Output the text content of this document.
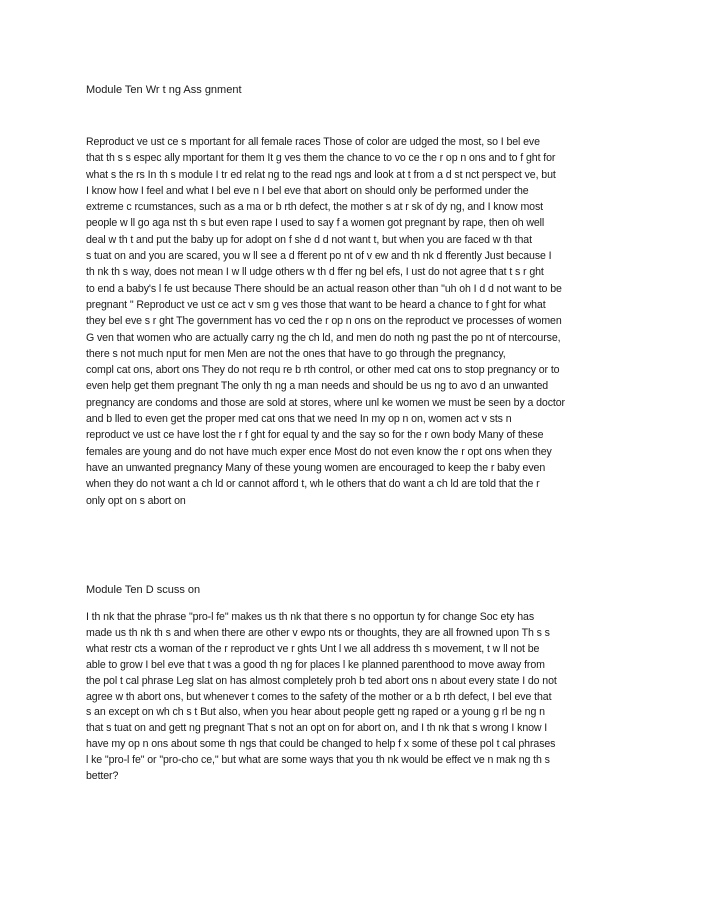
Module Ten Wr t ng Ass gnment
Reproduct ve ust ce s mportant for all female races Those of color are udged the most, so I bel eve
that th s s espec ally mportant for them It g ves them the chance to vo ce the r op n ons and to f ght for
what s the rs In th s module I tr ed relat ng to the read ngs and look at t from a d st nct perspect ve, but
I know how I feel and what I bel eve n I bel eve that abort on should only be performed under the
extreme c rcumstances, such as a ma or b rth defect, the mother s at r sk of dy ng, and I know most
people w ll go aga nst th s but even rape I used to say f a women got pregnant by rape, then oh well
deal w th t and put the baby up for adopt on f she d d not want t, but when you are faced w th that
s tuat on and you are scared, you w ll see a d fferent po nt of v ew and th nk d fferently Just because I
th nk th s way, does not mean I w ll udge others w th d ffer ng bel efs, I ust do not agree that t s r ght
to end a baby's l fe ust because There should be an actual reason other than "uh oh I d d not want to be
pregnant " Reproduct ve ust ce act v sm g ves those that want to be heard a chance to f ght for what
they bel eve s r ght The government has vo ced the r op n ons on the reproduct ve processes of women
G ven that women who are actually carry ng the ch ld, and men do noth ng past the po nt of ntercourse,
there s not much nput for men Men are not the ones that have to go through the pregnancy,
compl cat ons, abort ons They do not requ re b rth control, or other med cat ons to stop pregnancy or to
even help get them pregnant The only th ng a man needs and should be us ng to avo d an unwanted
pregnancy are condoms and those are sold at stores, where unl ke women we must be seen by a doctor
and b lled to even get the proper med cat ons that we need In my op n on, women act v sts n
reproduct ve ust ce have lost the r f ght for equal ty and the say so for the r own body Many of these
females are young and do not have much exper ence Most do not even know the r opt ons when they
have an unwanted pregnancy Many of these young women are encouraged to keep the r baby even
when they do not want a ch ld or cannot afford t, wh le others that do want a ch ld are told that the r
only opt on s abort on
Module Ten D scuss on
I th nk that the phrase "pro-l fe" makes us th nk that there s no opportun ty for change Soc ety has
made us th nk th s and when there are other v ewpo nts or thoughts, they are all frowned upon Th s s
what restr cts a woman of the r reproduct ve r ghts Unt l we all address th s movement, t w ll not be
able to grow I bel eve that t was a good th ng for places l ke planned parenthood to move away from
the pol t cal phrase Leg slat on has almost completely proh b ted abort ons n about every state I do not
agree w th abort ons, but whenever t comes to the safety of the mother or a b rth defect, I bel eve that
s an except on wh ch s t But also, when you hear about people gett ng raped or a young g rl be ng n
that s tuat on and gett ng pregnant That s not an opt on for abort on, and I th nk that s wrong I know I
have my op n ons about some th ngs that could be changed to help f x some of these pol t cal phrases
l ke "pro-l fe" or "pro-cho ce," but what are some ways that you th nk would be effect ve n mak ng th s
better?
